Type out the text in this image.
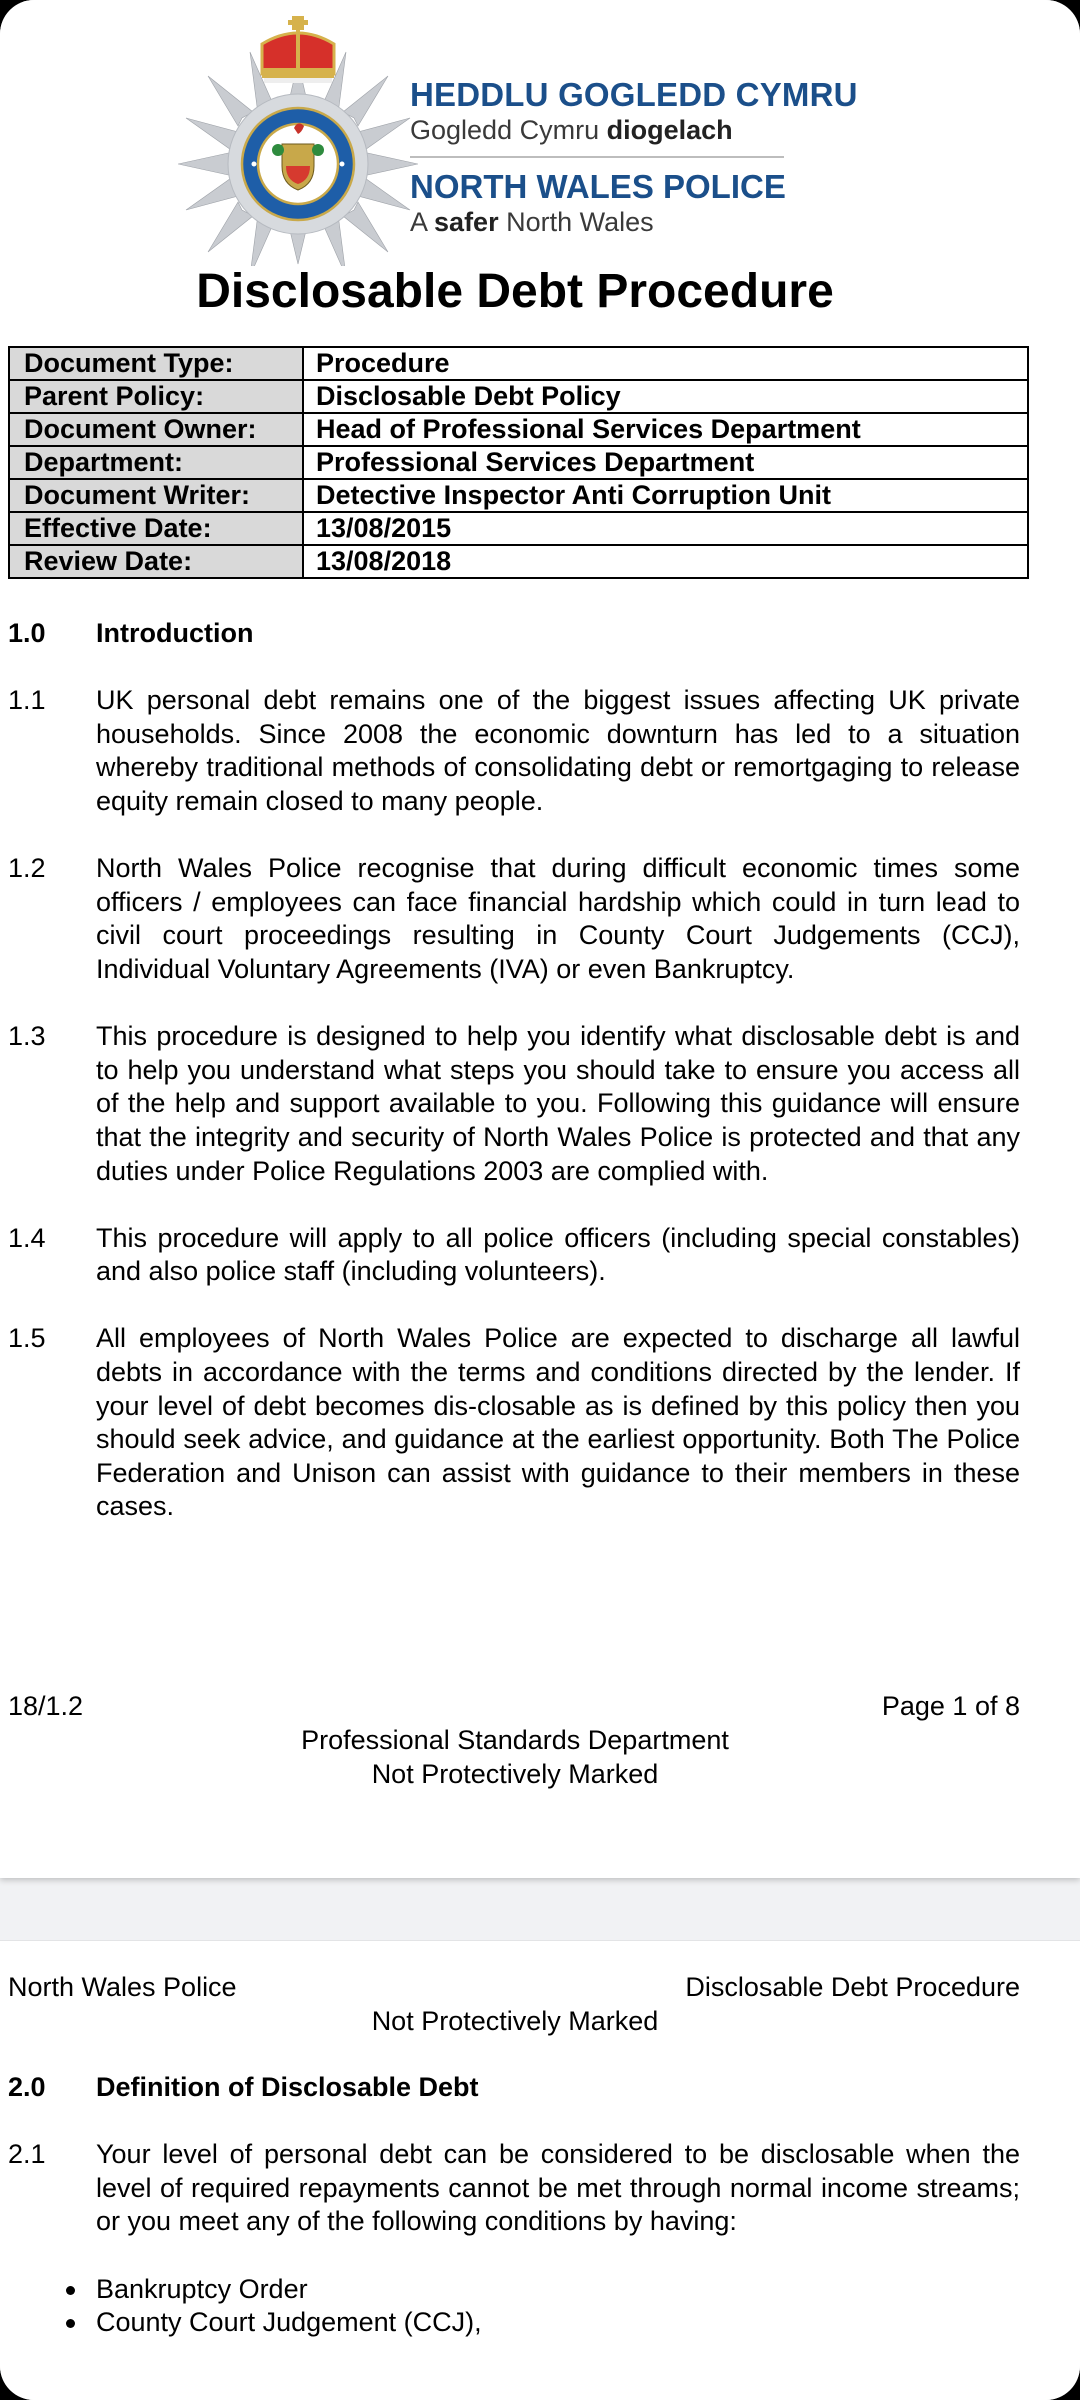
HEDDLU GOGLEDD CYMRU
Gogledd Cymru diogelach
NORTH WALES POLICE
A safer North Wales
Disclosable Debt Procedure
Document Type:	Procedure
Parent Policy:	Disclosable Debt Policy
Document Owner:	Head of Professional Services Department
Department:	Professional Services Department
Document Writer:	Detective Inspector Anti Corruption Unit
Effective Date:	13/08/2015
Review Date:	13/08/2018
1.0	Introduction
1.1	UK personal debt remains one of the biggest issues affecting UK private households. Since 2008 the economic downturn has led to a situation whereby traditional methods of consolidating debt or remortgaging to release equity remain closed to many people.
1.2	North Wales Police recognise that during difficult economic times some officers / employees can face financial hardship which could in turn lead to civil court proceedings resulting in County Court Judgements (CCJ), Individual Voluntary Agreements (IVA) or even Bankruptcy.
1.3	This procedure is designed to help you identify what disclosable debt is and to help you understand what steps you should take to ensure you access all of the help and support available to you. Following this guidance will ensure that the integrity and security of North Wales Police is protected and that any duties under Police Regulations 2003 are complied with.
1.4	This procedure will apply to all police officers (including special constables) and also police staff (including volunteers).
1.5	All employees of North Wales Police are expected to discharge all lawful debts in accordance with the terms and conditions directed by the lender. If your level of debt becomes dis-closable as is defined by this policy then you should seek advice, and guidance at the earliest opportunity. Both The Police Federation and Unison can assist with guidance to their members in these cases.
18/1.2	Page 1 of 8
Professional Standards Department
Not Protectively Marked
North Wales Police	Disclosable Debt Procedure
Not Protectively Marked
2.0	Definition of Disclosable Debt
2.1	Your level of personal debt can be considered to be disclosable when the level of required repayments cannot be met through normal income streams; or you meet any of the following conditions by having:
Bankruptcy Order
County Court Judgement (CCJ),
